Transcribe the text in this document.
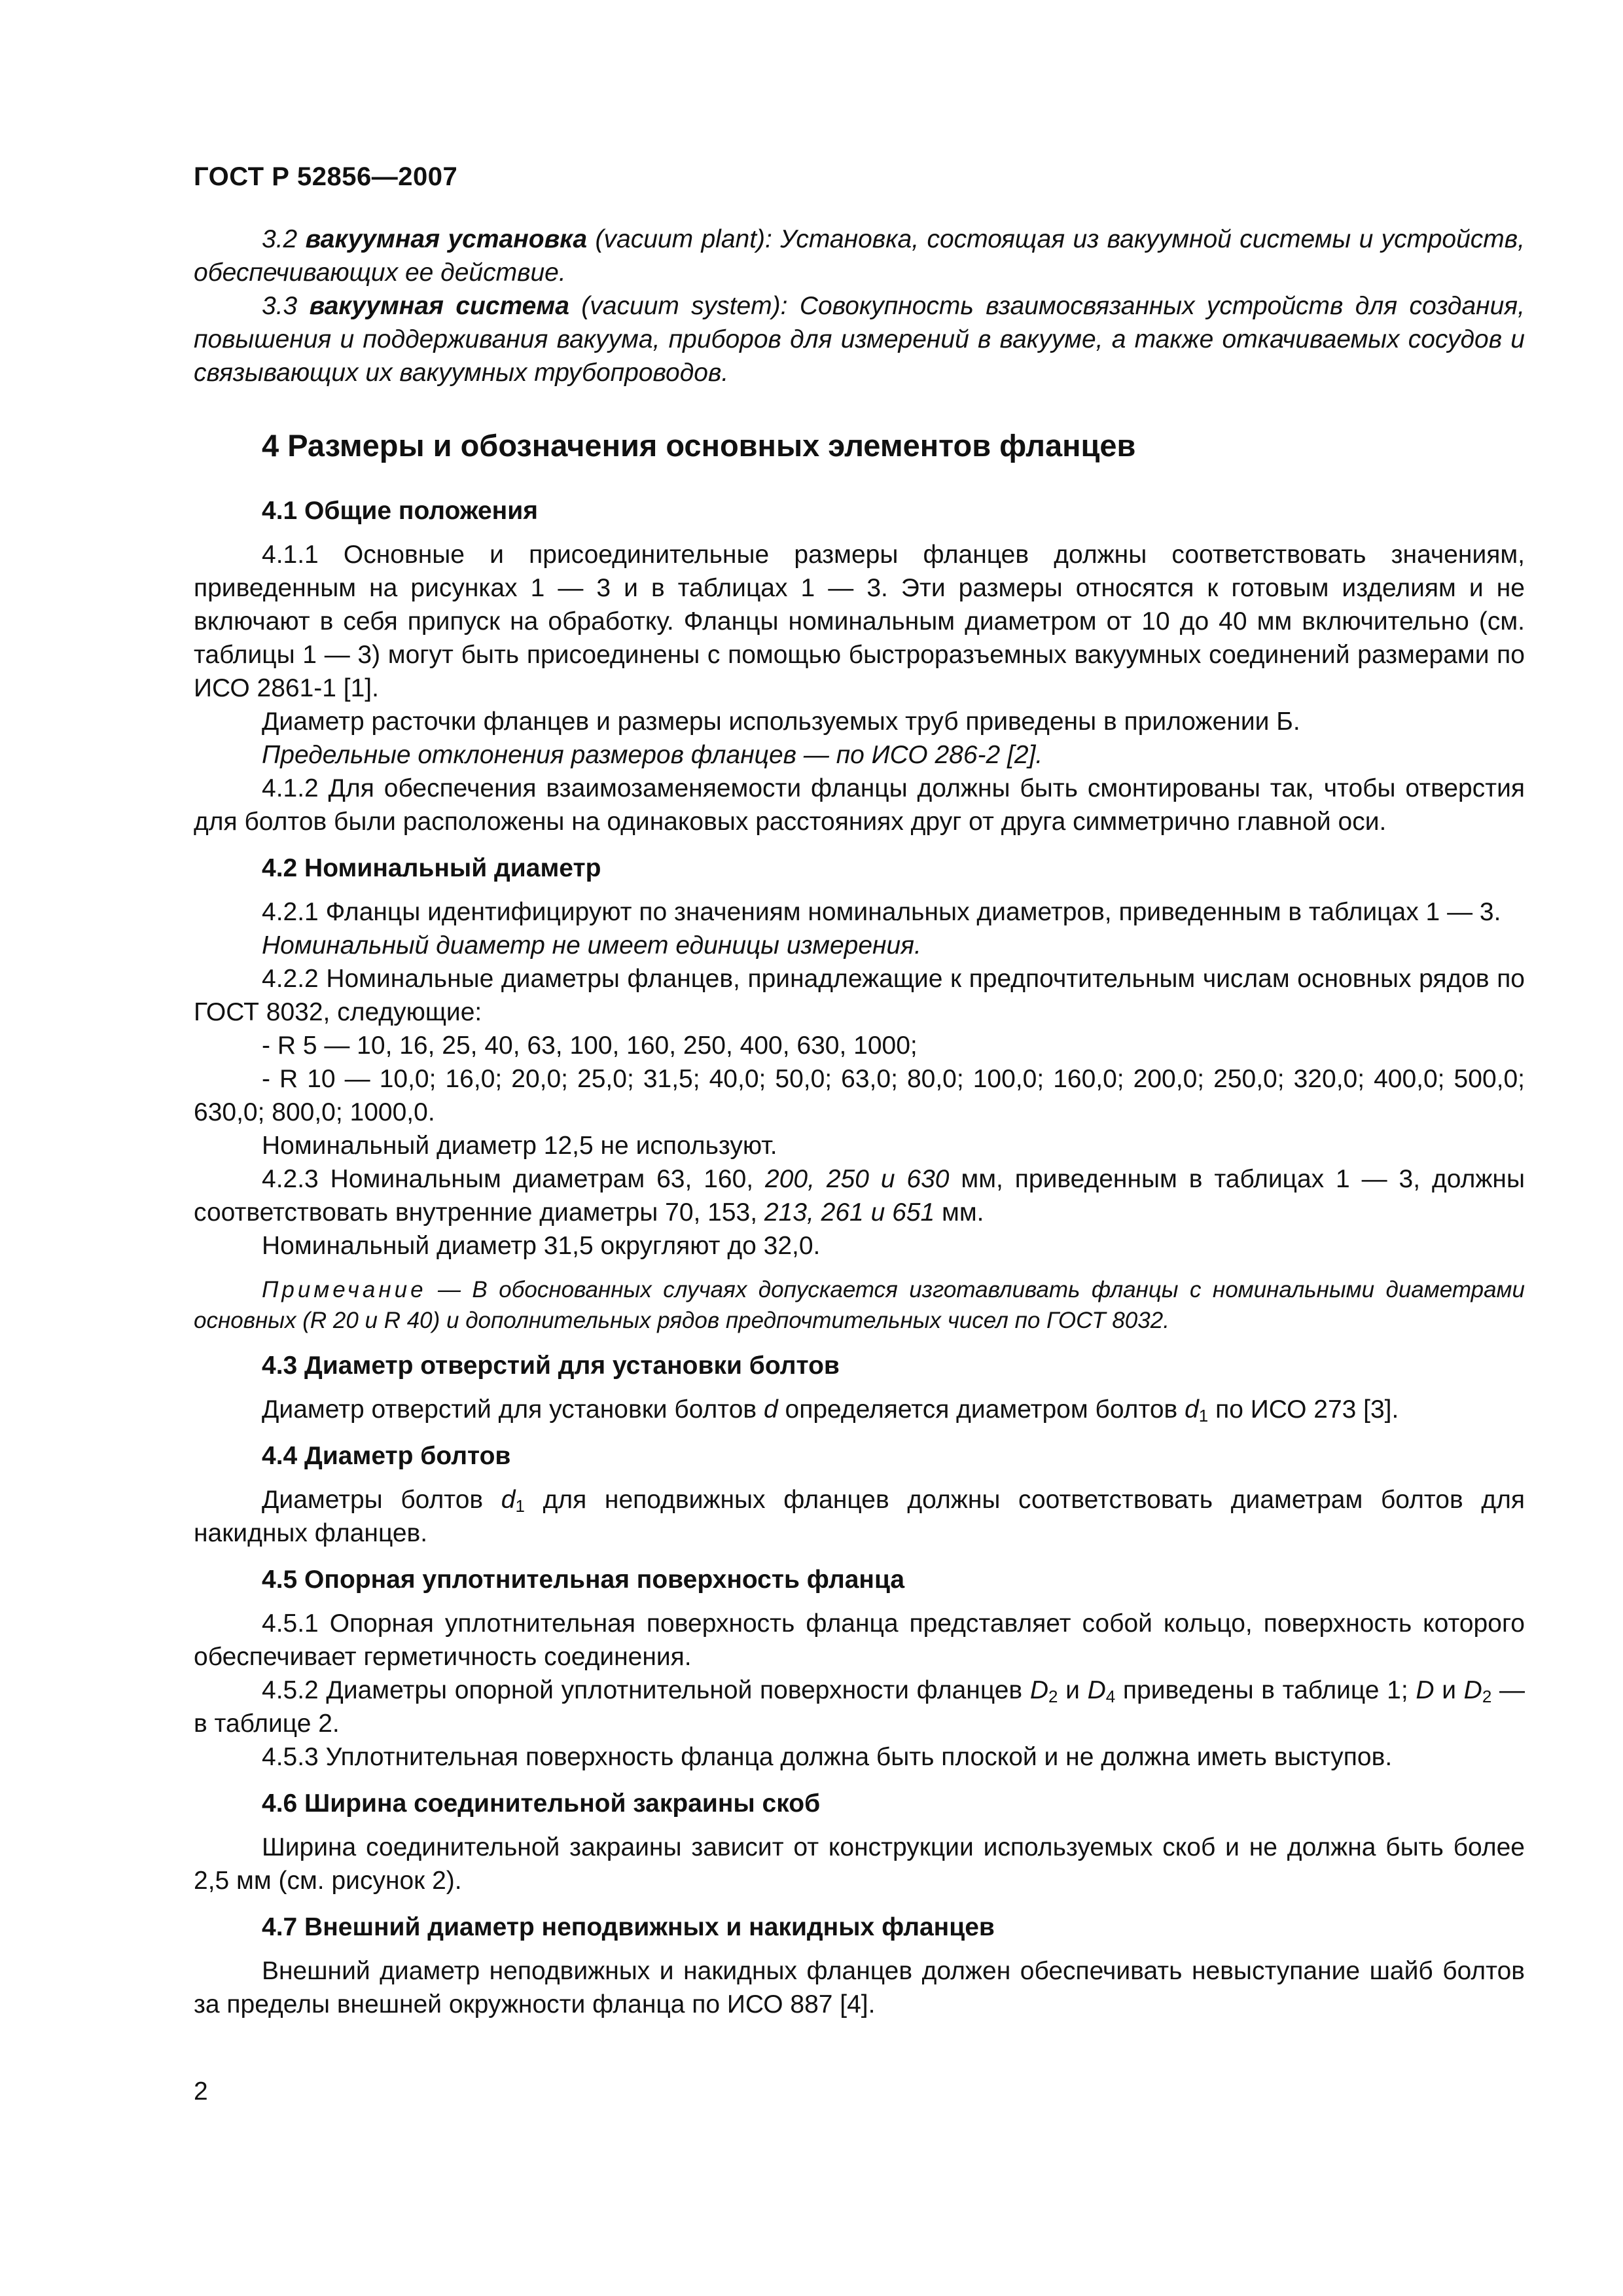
ГОСТ Р 52856—2007

3.2 вакуумная установка (vacuum plant): Установка, состоящая из вакуумной системы и устройств, обеспечивающих ее действие.

3.3 вакуумная система (vacuum system): Совокупность взаимосвязанных устройств для создания, повышения и поддерживания вакуума, приборов для измерений в вакууме, а также откачиваемых сосудов и связывающих их вакуумных трубопроводов.

4 Размеры и обозначения основных элементов фланцев

4.1 Общие положения

4.1.1 Основные и присоединительные размеры фланцев должны соответствовать значениям, приведенным на рисунках 1 — 3 и в таблицах 1 — 3. Эти размеры относятся к готовым изделиям и не включают в себя припуск на обработку. Фланцы номинальным диаметром от 10 до 40 мм включительно (см. таблицы 1 — 3) могут быть присоединены с помощью быстроразъемных вакуумных соединений размерами по ИСО 2861-1 [1].

Диаметр расточки фланцев и размеры используемых труб приведены в приложении Б.

Предельные отклонения размеров фланцев — по ИСО 286-2 [2].

4.1.2 Для обеспечения взаимозаменяемости фланцы должны быть смонтированы так, чтобы отверстия для болтов были расположены на одинаковых расстояниях друг от друга симметрично главной оси.

4.2 Номинальный диаметр

4.2.1 Фланцы идентифицируют по значениям номинальных диаметров, приведенным в таблицах 1 — 3.

Номинальный диаметр не имеет единицы измерения.

4.2.2 Номинальные диаметры фланцев, принадлежащие к предпочтительным числам основных рядов по ГОСТ 8032, следующие:

- R 5 — 10, 16, 25, 40, 63, 100, 160, 250, 400, 630, 1000;

- R 10 — 10,0; 16,0; 20,0; 25,0; 31,5; 40,0; 50,0; 63,0; 80,0; 100,0; 160,0; 200,0; 250,0; 320,0; 400,0; 500,0; 630,0; 800,0; 1000,0.

Номинальный диаметр 12,5 не используют.

4.2.3 Номинальным диаметрам 63, 160, 200, 250 и 630 мм, приведенным в таблицах 1 — 3, должны соответствовать внутренние диаметры 70, 153, 213, 261 и 651 мм.

Номинальный диаметр 31,5 округляют до 32,0.

Примечание — В обоснованных случаях допускается изготавливать фланцы с номинальными диаметрами основных (R 20 и R 40) и дополнительных рядов предпочтительных чисел по ГОСТ 8032.

4.3 Диаметр отверстий для установки болтов

Диаметр отверстий для установки болтов d определяется диаметром болтов $d_1$ по ИСО 273 [3].

4.4 Диаметр болтов

Диаметры болтов $d_1$ для неподвижных фланцев должны соответствовать диаметрам болтов для накидных фланцев.

4.5 Опорная уплотнительная поверхность фланца

4.5.1 Опорная уплотнительная поверхность фланца представляет собой кольцо, поверхность которого обеспечивает герметичность соединения.

4.5.2 Диаметры опорной уплотнительной поверхности фланцев $D_2$ и $D_4$ приведены в таблице 1; D и $D_2$ — в таблице 2.

4.5.3 Уплотнительная поверхность фланца должна быть плоской и не должна иметь выступов.

4.6 Ширина соединительной закраины скоб

Ширина соединительной закраины зависит от конструкции используемых скоб и не должна быть более 2,5 мм (см. рисунок 2).

4.7 Внешний диаметр неподвижных и накидных фланцев

Внешний диаметр неподвижных и накидных фланцев должен обеспечивать невыступание шайб болтов за пределы внешней окружности фланца по ИСО 887 [4].

2
